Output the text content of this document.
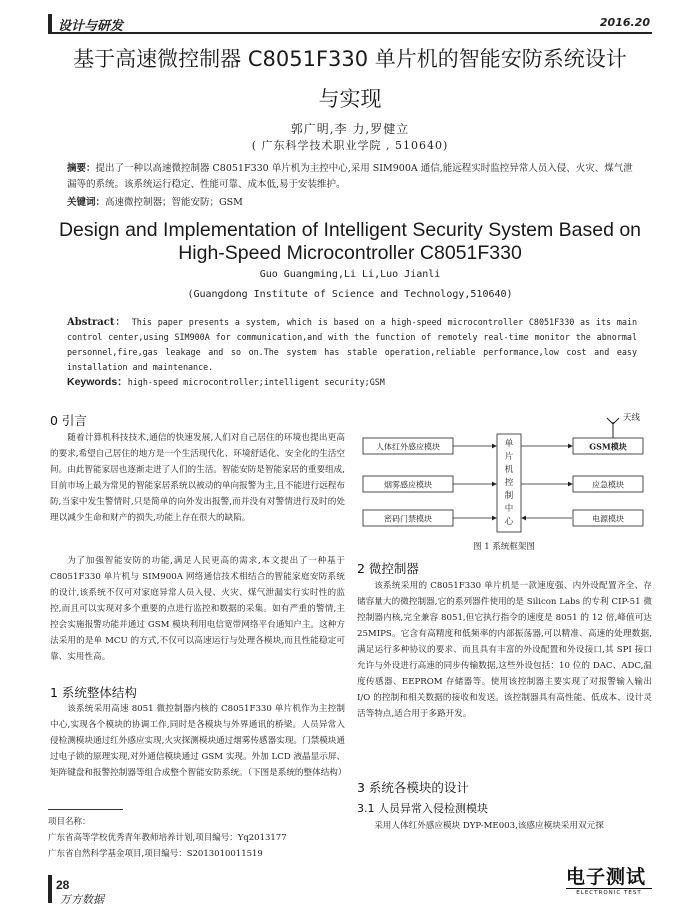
设计与研发	2016.20
基于高速微控制器 C8051F330 单片机的智能安防系统设计
与实现
郭广明,李 力,罗健立
( 广东科学技术职业学院 , 510640)
摘要：提出了一种以高速微控制器 C8051F330 单片机为主控中心,采用 SIM900A 通信,能远程实时监控异常人员入侵、火灾、煤气泄漏等的系统。该系统运行稳定、性能可靠、成本低,易于安装维护。
关键词：高速微控制器；智能安防；GSM
Design and Implementation of Intelligent Security System Based on
High-Speed Microcontroller C8051F330
Guo Guangming,Li Li,Luo Jianli
(Guangdong Institute of Science and Technology,510640)
Abstract： This paper presents a system, which is based on a high-speed microcontroller C8051F330 as its main control center,using SIM900A for communication,and with the function of remotely real-time monitor the abnormal personnel,fire,gas leakage and so on.The system has stable operation,reliable performance,low cost and easy installation and maintenance.
Keywords：high-speed microcontroller;intelligent security;GSM
0 引言
随着计算机科技技术,通信的快速发展,人们对自己居住的环境也提出更高的要求,希望自己居住的地方是一个生活现代化、环境舒适化、安全化的生活空间。由此智能家居也逐渐走进了人们的生活。智能安防是智能家居的重要组成,目前市场上最为常见的智能家居系统以被动的单向报警为主,且不能进行远程布防,当家中发生警情时,只是简单的向外发出报警,而并没有对警情进行及时的处理以减少生命和财产的损失,功能上存在很大的缺陷。
为了加强智能安防的功能,满足人民更高的需求,本文提出了一种基于 C8051F330 单片机与 SIM900A 网络通信技术相结合的智能家庭安防系统的设计,该系统不仅可对家庭异常人员入侵、火灾、煤气泄漏实行实时性的监控,而且可以实现对多个重要的点进行监控和数据的采集。如有严重的警情,主控会实施报警功能并通过 GSM 模块利用电信宽带网络平台通知户主。这种方法采用的是单 MCU 的方式,不仅可以高速运行与处理各模块,而且性能稳定可靠、实用性高。
1 系统整体结构
该系统采用高速 8051 微控制器内核的 C8051F330 单片机作为主控制中心,实现各个模块的协调工作,同时是各模块与外界通讯的桥梁。人员异常入侵检测模块通过红外感应实现,火灾探测模块通过烟雾传感器实现。门禁模块通过电子锁的原理实现,对外通信模块通过 GSM 实现。外加 LCD 液晶显示屏、矩阵键盘和报警控制器等组合成整个智能安防系统。（下图是系统的整体结构）
项目名称：
广东省高等学校优秀青年教师培养计划,项目编号：Yq2013177
广东省自然科学基金项目,项目编号：S2013010011519
天线
人体红外感应模块
烟雾感应模块
密码门禁模块
单片机控制中心
GSM模块
应急模块
电源模块
图 1 系统框架图
2 微控制器
该系统采用的 C8051F330 单片机是一款速度强、内外设配置齐全、存储容量大的微控制器,它的系列器件使用的是 Silicon Labs 的专利 CIP-51 微控制器内核,完全兼容 8051,但它执行指令的速度是 8051 的 12 倍,峰值可达 25MIPS。它含有高精度和低频率的内部振荡器,可以精准、高速的处理数据,满足运行多种协议的要求、而且具有丰富的外设配置和外设接口,其 SPI 接口允许与外设进行高速的同步传输数据,这些外设包括：10 位的 DAC、ADC,温度传感器、EEPROM 存储器等。使用该控制器主要实现了对报警输入输出 I/O 的控制和相关数据的接收和发送。该控制器具有高性能、低成本、设计灵活等特点,适合用于多路开发。
3 系统各模块的设计
3.1 人员异常入侵检测模块
采用人体红外感应模块 DYP-ME003,该感应模块采用双元探
28
万方数据
电子测试
ELECTRONIC TEST
